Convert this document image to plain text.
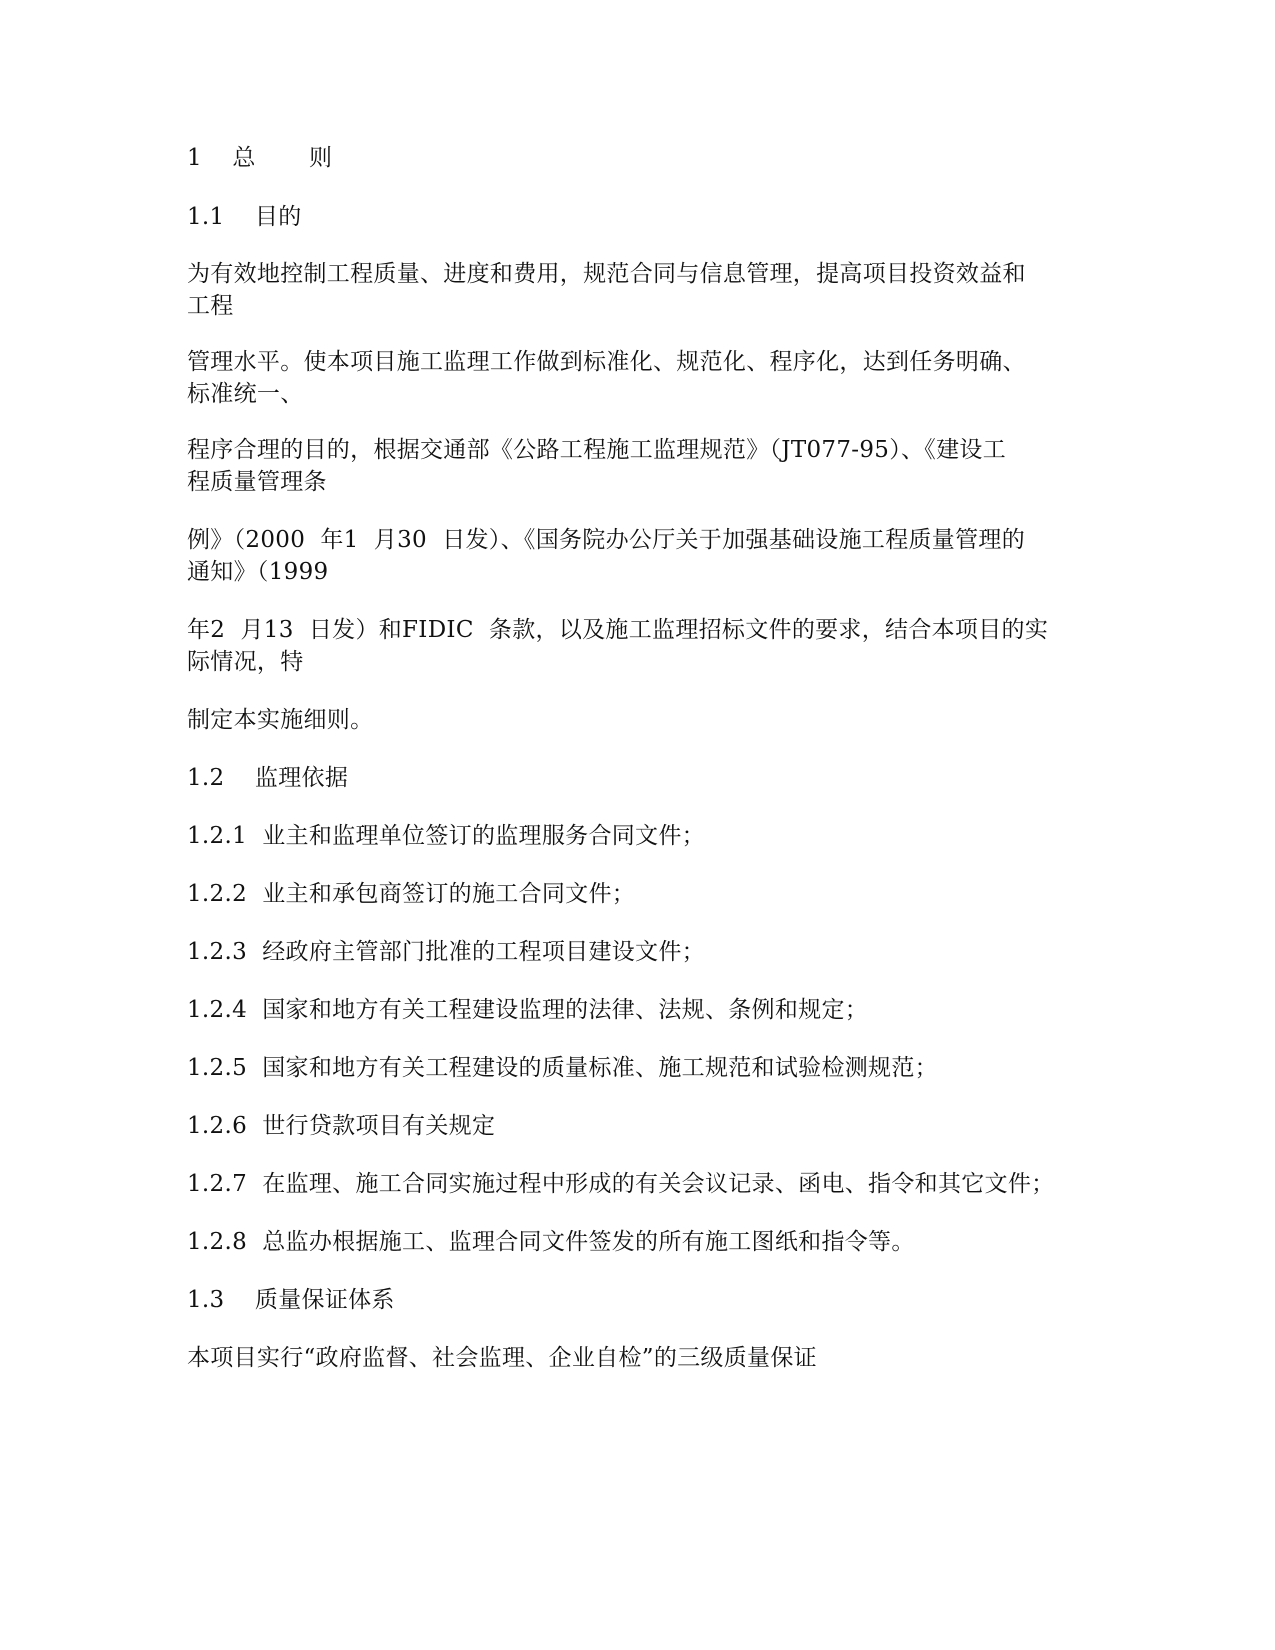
1    总       则
1.1    目的
为有效地控制工程质量、进度和费用，规范合同与信息管理，提高项目投资效益和
工程
管理水平。使本项目施工监理工作做到标准化、规范化、程序化，达到任务明确、
标准统一、
程序合理的目的，根据交通部《公路工程施工监理规范》（JT077-95）、《建设工
程质量管理条
例》（2000  年1  月30  日发）、《国务院办公厅关于加强基础设施工程质量管理的
通知》（1999
年2  月13  日发）和FIDIC  条款，以及施工监理招标文件的要求，结合本项目的实
际情况，特
制定本实施细则。
1.2    监理依据
1.2.1  业主和监理单位签订的监理服务合同文件；
1.2.2  业主和承包商签订的施工合同文件；
1.2.3  经政府主管部门批准的工程项目建设文件；
1.2.4  国家和地方有关工程建设监理的法律、法规、条例和规定；
1.2.5  国家和地方有关工程建设的质量标准、施工规范和试验检测规范；
1.2.6  世行贷款项目有关规定
1.2.7  在监理、施工合同实施过程中形成的有关会议记录、函电、指令和其它文件；
1.2.8  总监办根据施工、监理合同文件签发的所有施工图纸和指令等。
1.3    质量保证体系
本项目实行“政府监督、社会监理、企业自检”的三级质量保证
